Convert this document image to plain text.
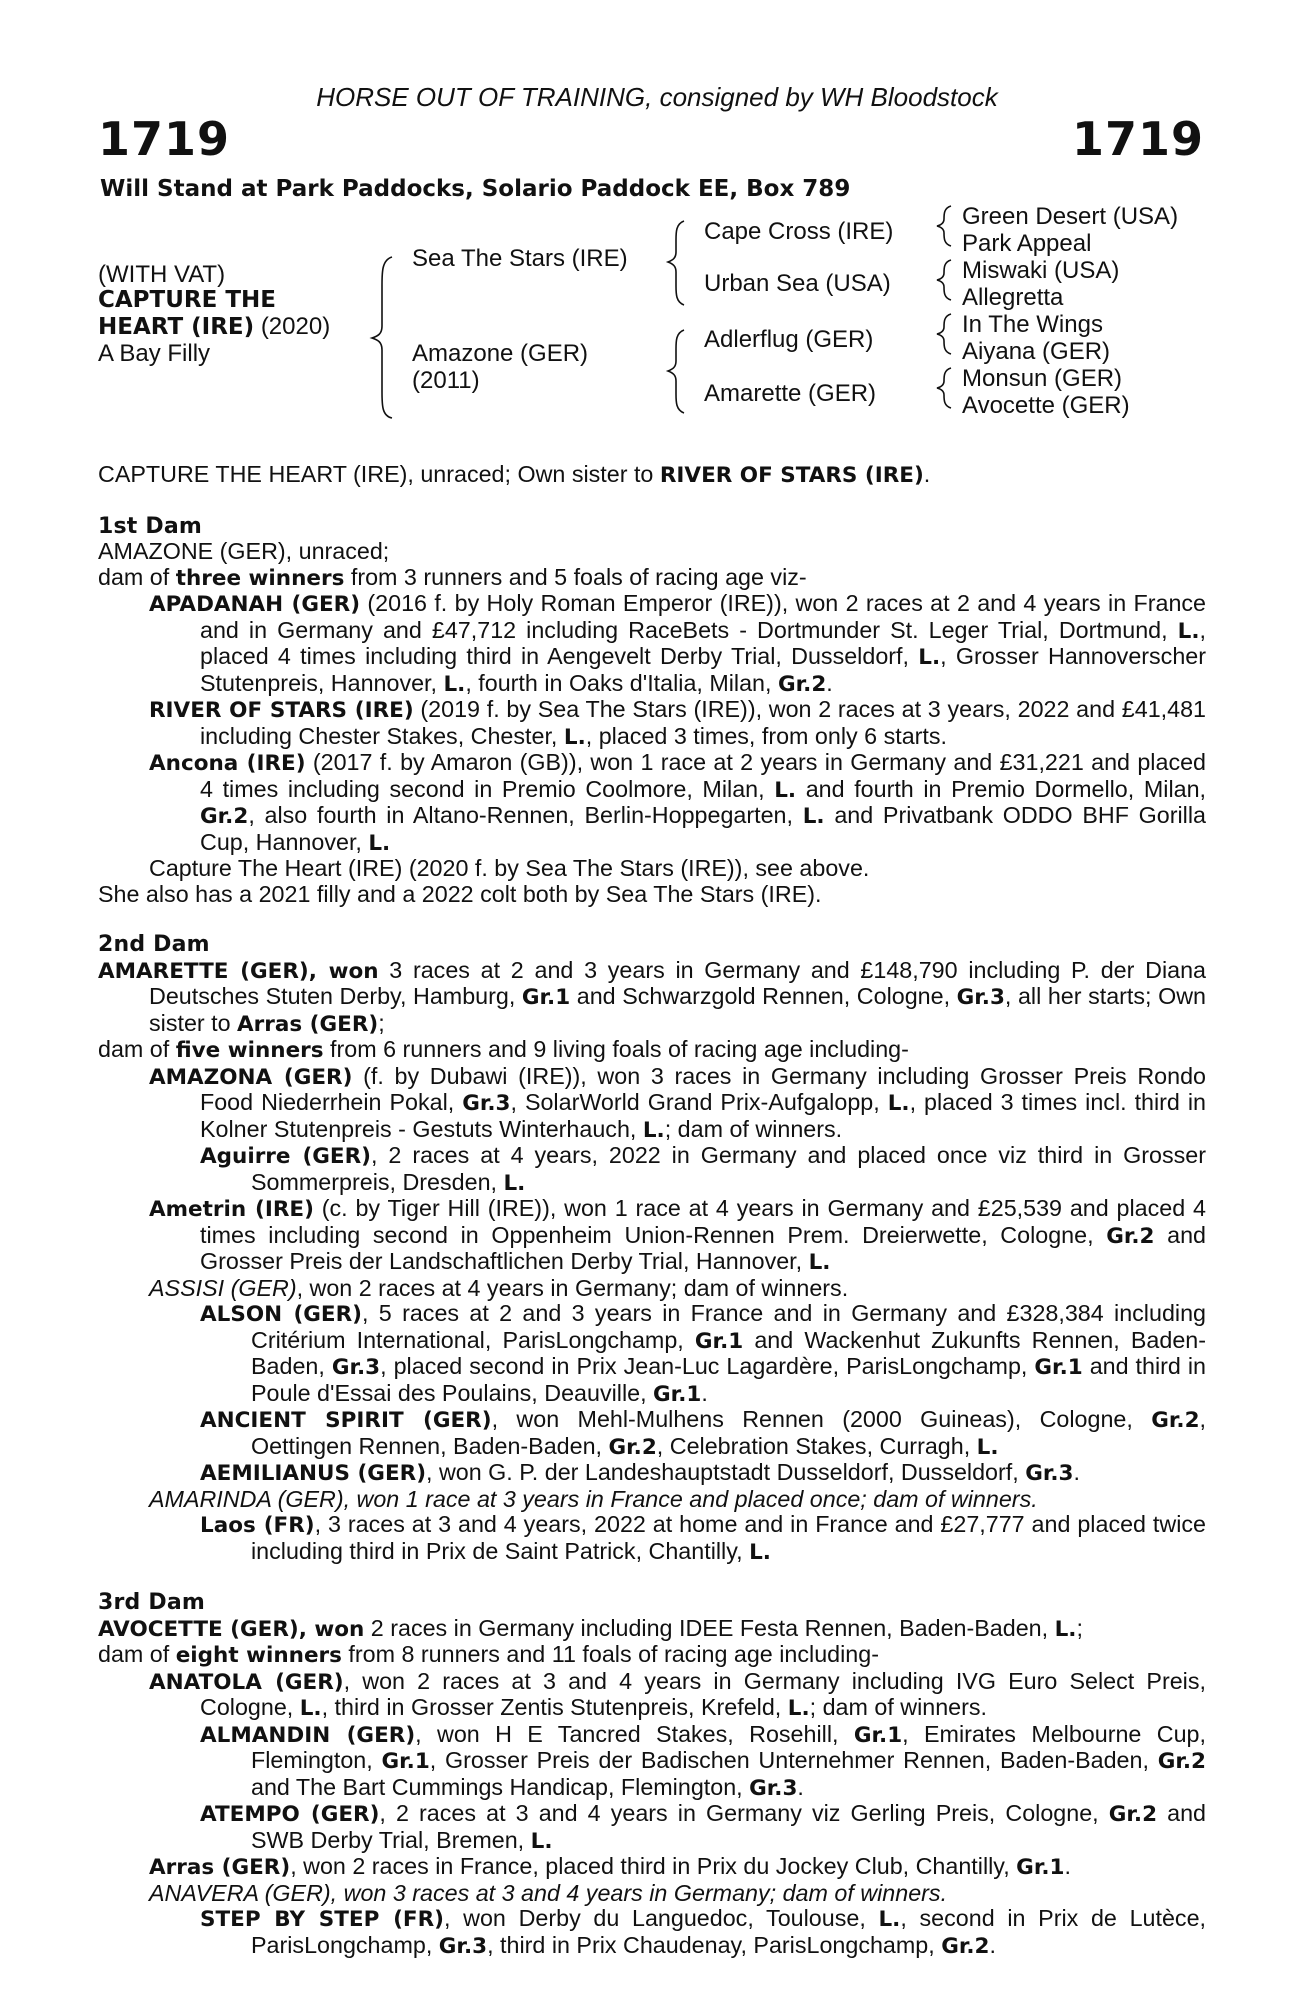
HORSE OUT OF TRAINING, consigned by WH Bloodstock
1719	1719
Will Stand at Park Paddocks, Solario Paddock EE, Box 789
(WITH VAT)
CAPTURE THE
HEART (IRE) (2020)
A Bay Filly
Sea The Stars (IRE)
Amazone (GER)
(2011)
Cape Cross (IRE)
Urban Sea (USA)
Adlerflug (GER)
Amarette (GER)
Green Desert (USA)
Park Appeal
Miswaki (USA)
Allegretta
In The Wings
Aiyana (GER)
Monsun (GER)
Avocette (GER)

CAPTURE THE HEART (IRE), unraced; Own sister to RIVER OF STARS (IRE).

1st Dam

AMAZONE (GER), unraced;

dam of three winners from 3 runners and 5 foals of racing age viz-

APADANAH (GER) (2016 f. by Holy Roman Emperor (IRE)), won 2 races at 2 and 4 years in France and in Germany and £47,712 including RaceBets - Dortmunder St. Leger Trial, Dortmund, L., placed 4 times including third in Aengevelt Derby Trial, Dusseldorf, L., Grosser Hannoverscher Stutenpreis, Hannover, L., fourth in Oaks d'Italia, Milan, Gr.2.

RIVER OF STARS (IRE) (2019 f. by Sea The Stars (IRE)), won 2 races at 3 years, 2022 and £41,481 including Chester Stakes, Chester, L., placed 3 times, from only 6 starts.

Ancona (IRE) (2017 f. by Amaron (GB)), won 1 race at 2 years in Germany and £31,221 and placed 4 times including second in Premio Coolmore, Milan, L. and fourth in Premio Dormello, Milan, Gr.2, also fourth in Altano-Rennen, Berlin-Hoppegarten, L. and Privatbank ODDO BHF Gorilla Cup, Hannover, L.

Capture The Heart (IRE) (2020 f. by Sea The Stars (IRE)), see above.

She also has a 2021 filly and a 2022 colt both by Sea The Stars (IRE).

2nd Dam

AMARETTE (GER), won 3 races at 2 and 3 years in Germany and £148,790 including P. der Diana Deutsches Stuten Derby, Hamburg, Gr.1 and Schwarzgold Rennen, Cologne, Gr.3, all her starts; Own sister to Arras (GER);

dam of five winners from 6 runners and 9 living foals of racing age including-

AMAZONA (GER) (f. by Dubawi (IRE)), won 3 races in Germany including Grosser Preis Rondo Food Niederrhein Pokal, Gr.3, SolarWorld Grand Prix-Aufgalopp, L., placed 3 times incl. third in Kolner Stutenpreis - Gestuts Winterhauch, L.; dam of winners.

Aguirre (GER), 2 races at 4 years, 2022 in Germany and placed once viz third in Grosser Sommerpreis, Dresden, L.

Ametrin (IRE) (c. by Tiger Hill (IRE)), won 1 race at 4 years in Germany and £25,539 and placed 4 times including second in Oppenheim Union-Rennen Prem. Dreierwette, Cologne, Gr.2 and Grosser Preis der Landschaftlichen Derby Trial, Hannover, L.

ASSISI (GER), won 2 races at 4 years in Germany; dam of winners.

ALSON (GER), 5 races at 2 and 3 years in France and in Germany and £328,384 including Critérium International, ParisLongchamp, Gr.1 and Wackenhut Zukunfts Rennen, Baden-Baden, Gr.3, placed second in Prix Jean-Luc Lagardère, ParisLongchamp, Gr.1 and third in Poule d'Essai des Poulains, Deauville, Gr.1.

ANCIENT SPIRIT (GER), won Mehl-Mulhens Rennen (2000 Guineas), Cologne, Gr.2, Oettingen Rennen, Baden-Baden, Gr.2, Celebration Stakes, Curragh, L.

AEMILIANUS (GER), won G. P. der Landeshauptstadt Dusseldorf, Dusseldorf, Gr.3.

AMARINDA (GER), won 1 race at 3 years in France and placed once; dam of winners.

Laos (FR), 3 races at 3 and 4 years, 2022 at home and in France and £27,777 and placed twice including third in Prix de Saint Patrick, Chantilly, L.

3rd Dam

AVOCETTE (GER), won 2 races in Germany including IDEE Festa Rennen, Baden-Baden, L.;

dam of eight winners from 8 runners and 11 foals of racing age including-

ANATOLA (GER), won 2 races at 3 and 4 years in Germany including IVG Euro Select Preis, Cologne, L., third in Grosser Zentis Stutenpreis, Krefeld, L.; dam of winners.

ALMANDIN (GER), won H E Tancred Stakes, Rosehill, Gr.1, Emirates Melbourne Cup, Flemington, Gr.1, Grosser Preis der Badischen Unternehmer Rennen, Baden-Baden, Gr.2 and The Bart Cummings Handicap, Flemington, Gr.3.

ATEMPO (GER), 2 races at 3 and 4 years in Germany viz Gerling Preis, Cologne, Gr.2 and SWB Derby Trial, Bremen, L.

Arras (GER), won 2 races in France, placed third in Prix du Jockey Club, Chantilly, Gr.1.

ANAVERA (GER), won 3 races at 3 and 4 years in Germany; dam of winners.

STEP BY STEP (FR), won Derby du Languedoc, Toulouse, L., second in Prix de Lutèce, ParisLongchamp, Gr.3, third in Prix Chaudenay, ParisLongchamp, Gr.2.
